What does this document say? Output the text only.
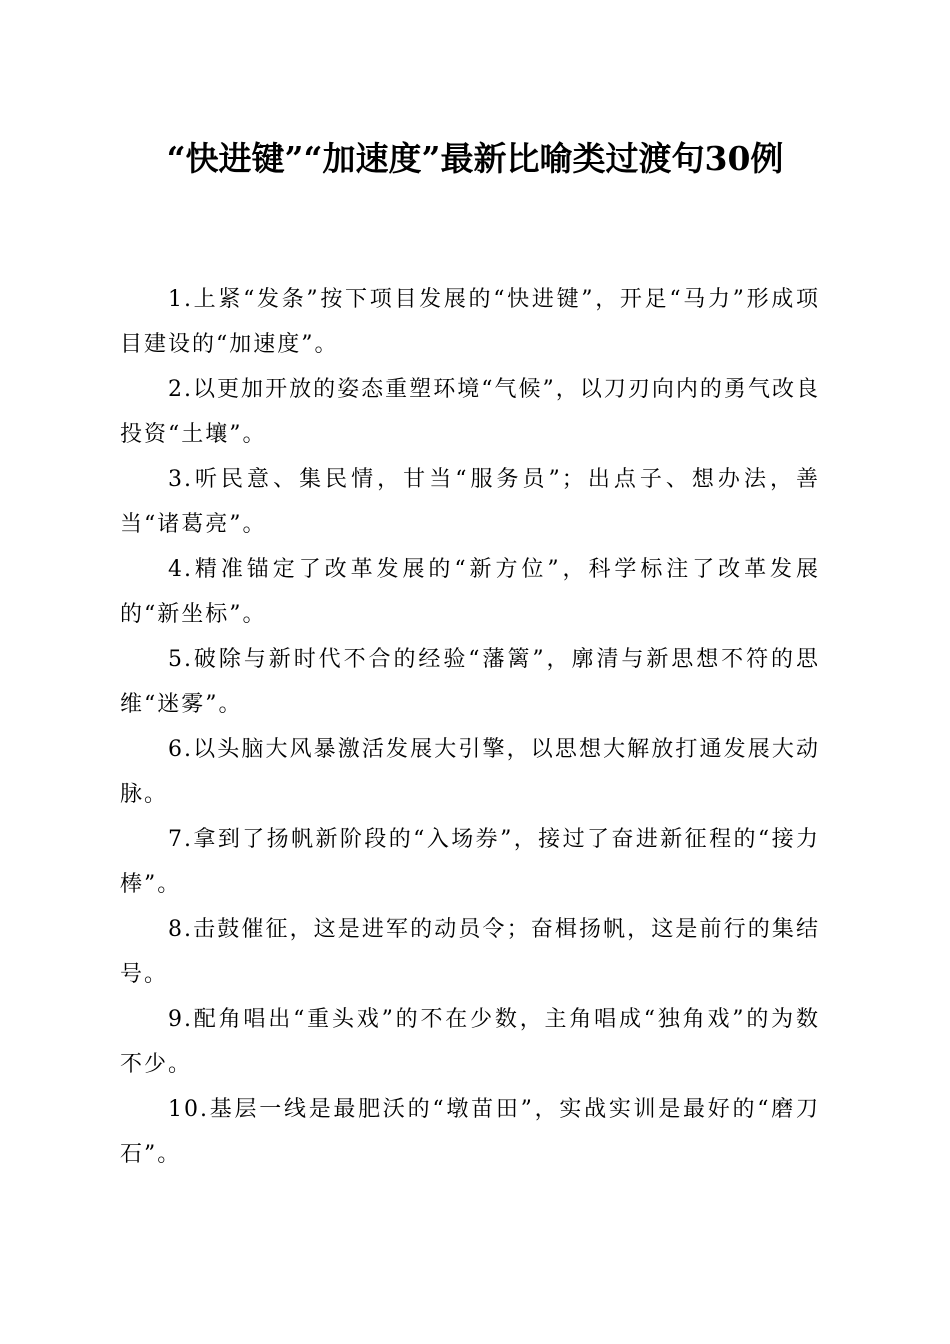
“快进键”“加速度”最新比喻类过渡句30例

1.上紧“发条”按下项目发展的“快进键”，开足“马力”形成项目建设的“加速度”。

2.以更加开放的姿态重塑环境“气候”，以刀刃向内的勇气改良投资“土壤”。

3.听民意、集民情，甘当“服务员”；出点子、想办法，善当“诸葛亮”。

4.精准锚定了改革发展的“新方位”，科学标注了改革发展的“新坐标”。

5.破除与新时代不合的经验“藩篱”，廓清与新思想不符的思维“迷雾”。

6.以头脑大风暴激活发展大引擎，以思想大解放打通发展大动脉。

7.拿到了扬帆新阶段的“入场券”，接过了奋进新征程的“接力棒”。

8.击鼓催征，这是进军的动员令；奋楫扬帆，这是前行的集结号。

9.配角唱出“重头戏”的不在少数，主角唱成“独角戏”的为数不少。

10.基层一线是最肥沃的“墩苗田”，实战实训是最好的“磨刀石”。
